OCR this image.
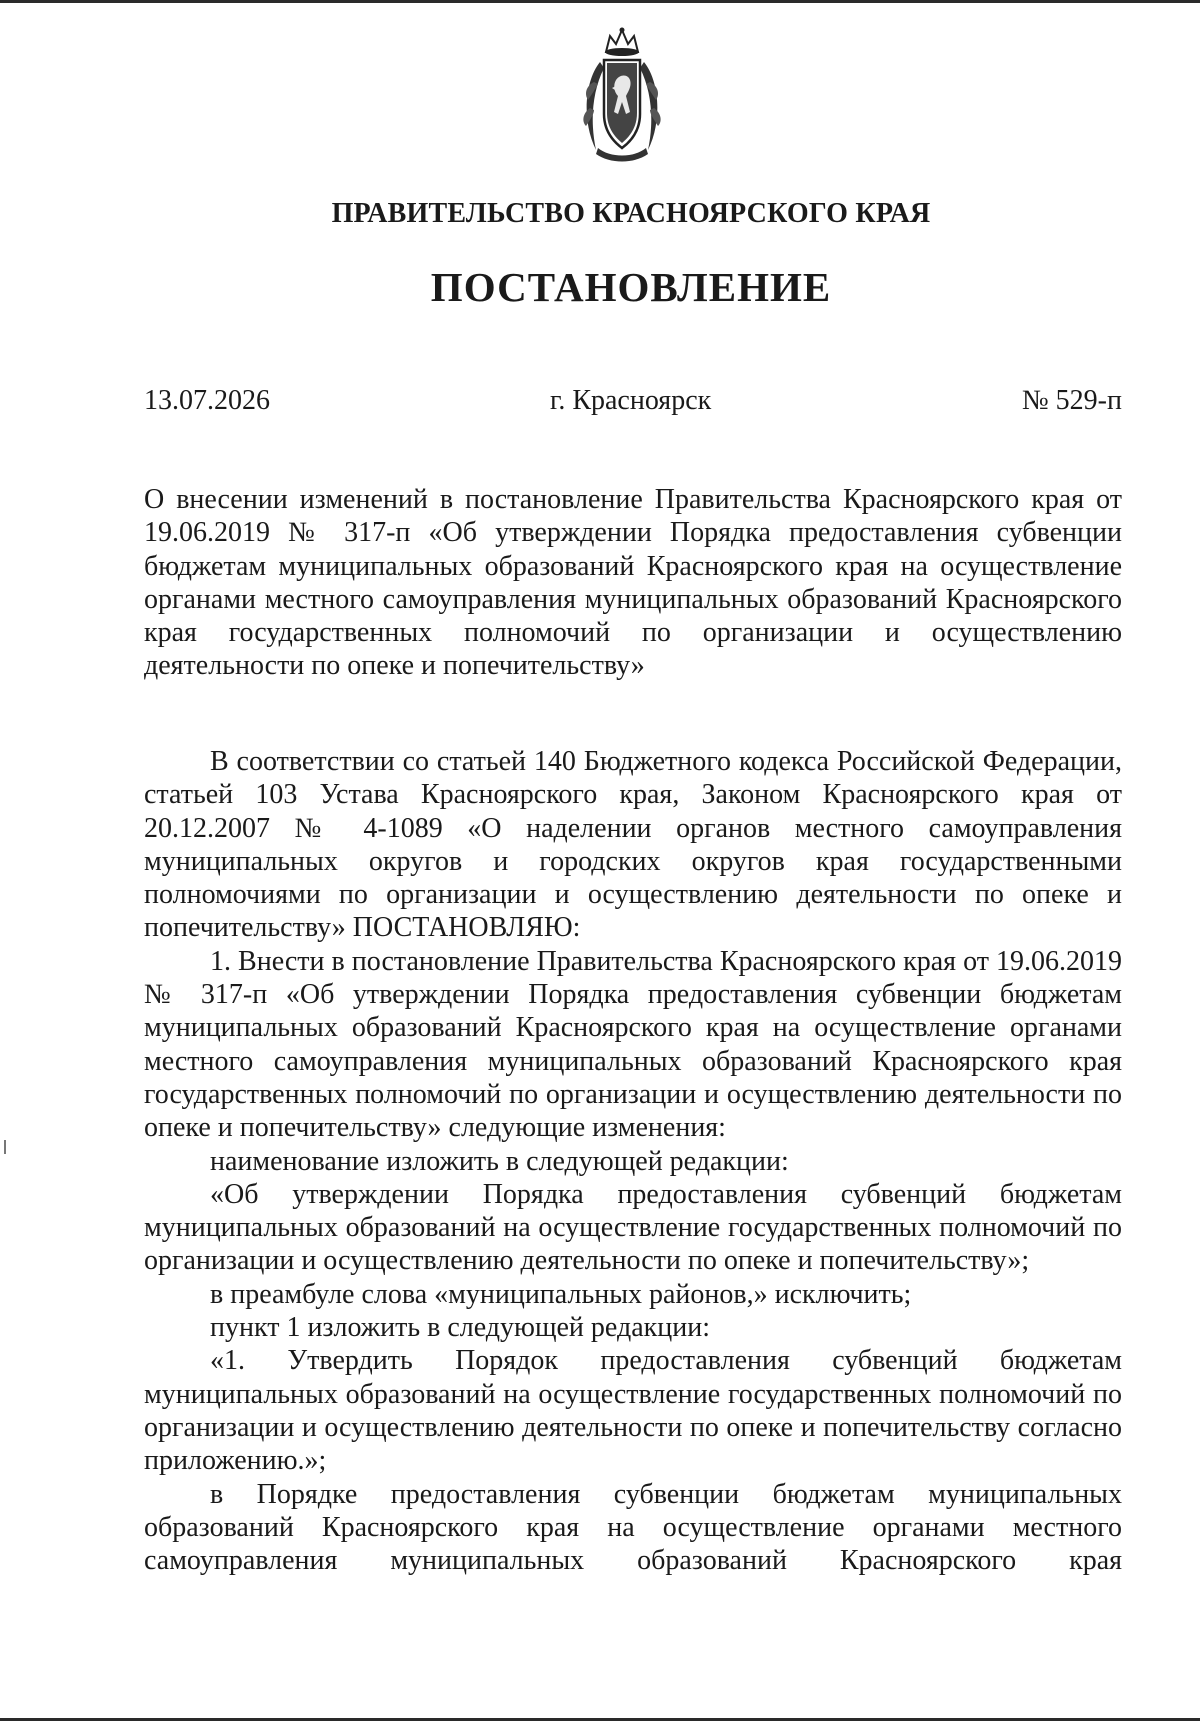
ПРАВИТЕЛЬСТВО КРАСНОЯРСКОГО КРАЯ
ПОСТАНОВЛЕНИЕ
13.07.2026	г. Красноярск	№ 529-п

О внесении изменений в постановление Правительства Красноярского края от 19.06.2019 № 317-п «Об утверждении Порядка предоставления субвенции бюджетам муниципальных образований Красноярского края на осуществление органами местного самоуправления муниципальных образований Красноярского края государственных полномочий по организации и осуществлению деятельности по опеке и попечительству»

В соответствии со статьей 140 Бюджетного кодекса Российской Федерации, статьей 103 Устава Красноярского края, Законом Красноярского края от 20.12.2007 № 4-1089 «О наделении органов местного самоуправления муниципальных округов и городских округов края государственными полномочиями по организации и осуществлению деятельности по опеке и попечительству» ПОСТАНОВЛЯЮ:

1. Внести в постановление Правительства Красноярского края от 19.06.2019 № 317-п «Об утверждении Порядка предоставления субвенции бюджетам муниципальных образований Красноярского края на осуществление органами местного самоуправления муниципальных образований Красноярского края государственных полномочий по организации и осуществлению деятельности по опеке и попечительству» следующие изменения:

наименование изложить в следующей редакции:

«Об утверждении Порядка предоставления субвенций бюджетам муниципальных образований на осуществление государственных полномочий по организации и осуществлению деятельности по опеке и попечительству»;

в преамбуле слова «муниципальных районов,» исключить;

пункт 1 изложить в следующей редакции:

«1. Утвердить Порядок предоставления субвенций бюджетам муниципальных образований на осуществление государственных полномочий по организации и осуществлению деятельности по опеке и попечительству согласно приложению.»;

в Порядке предоставления субвенции бюджетам муниципальных образований Красноярского края на осуществление органами местного самоуправления муниципальных образований Красноярского края
